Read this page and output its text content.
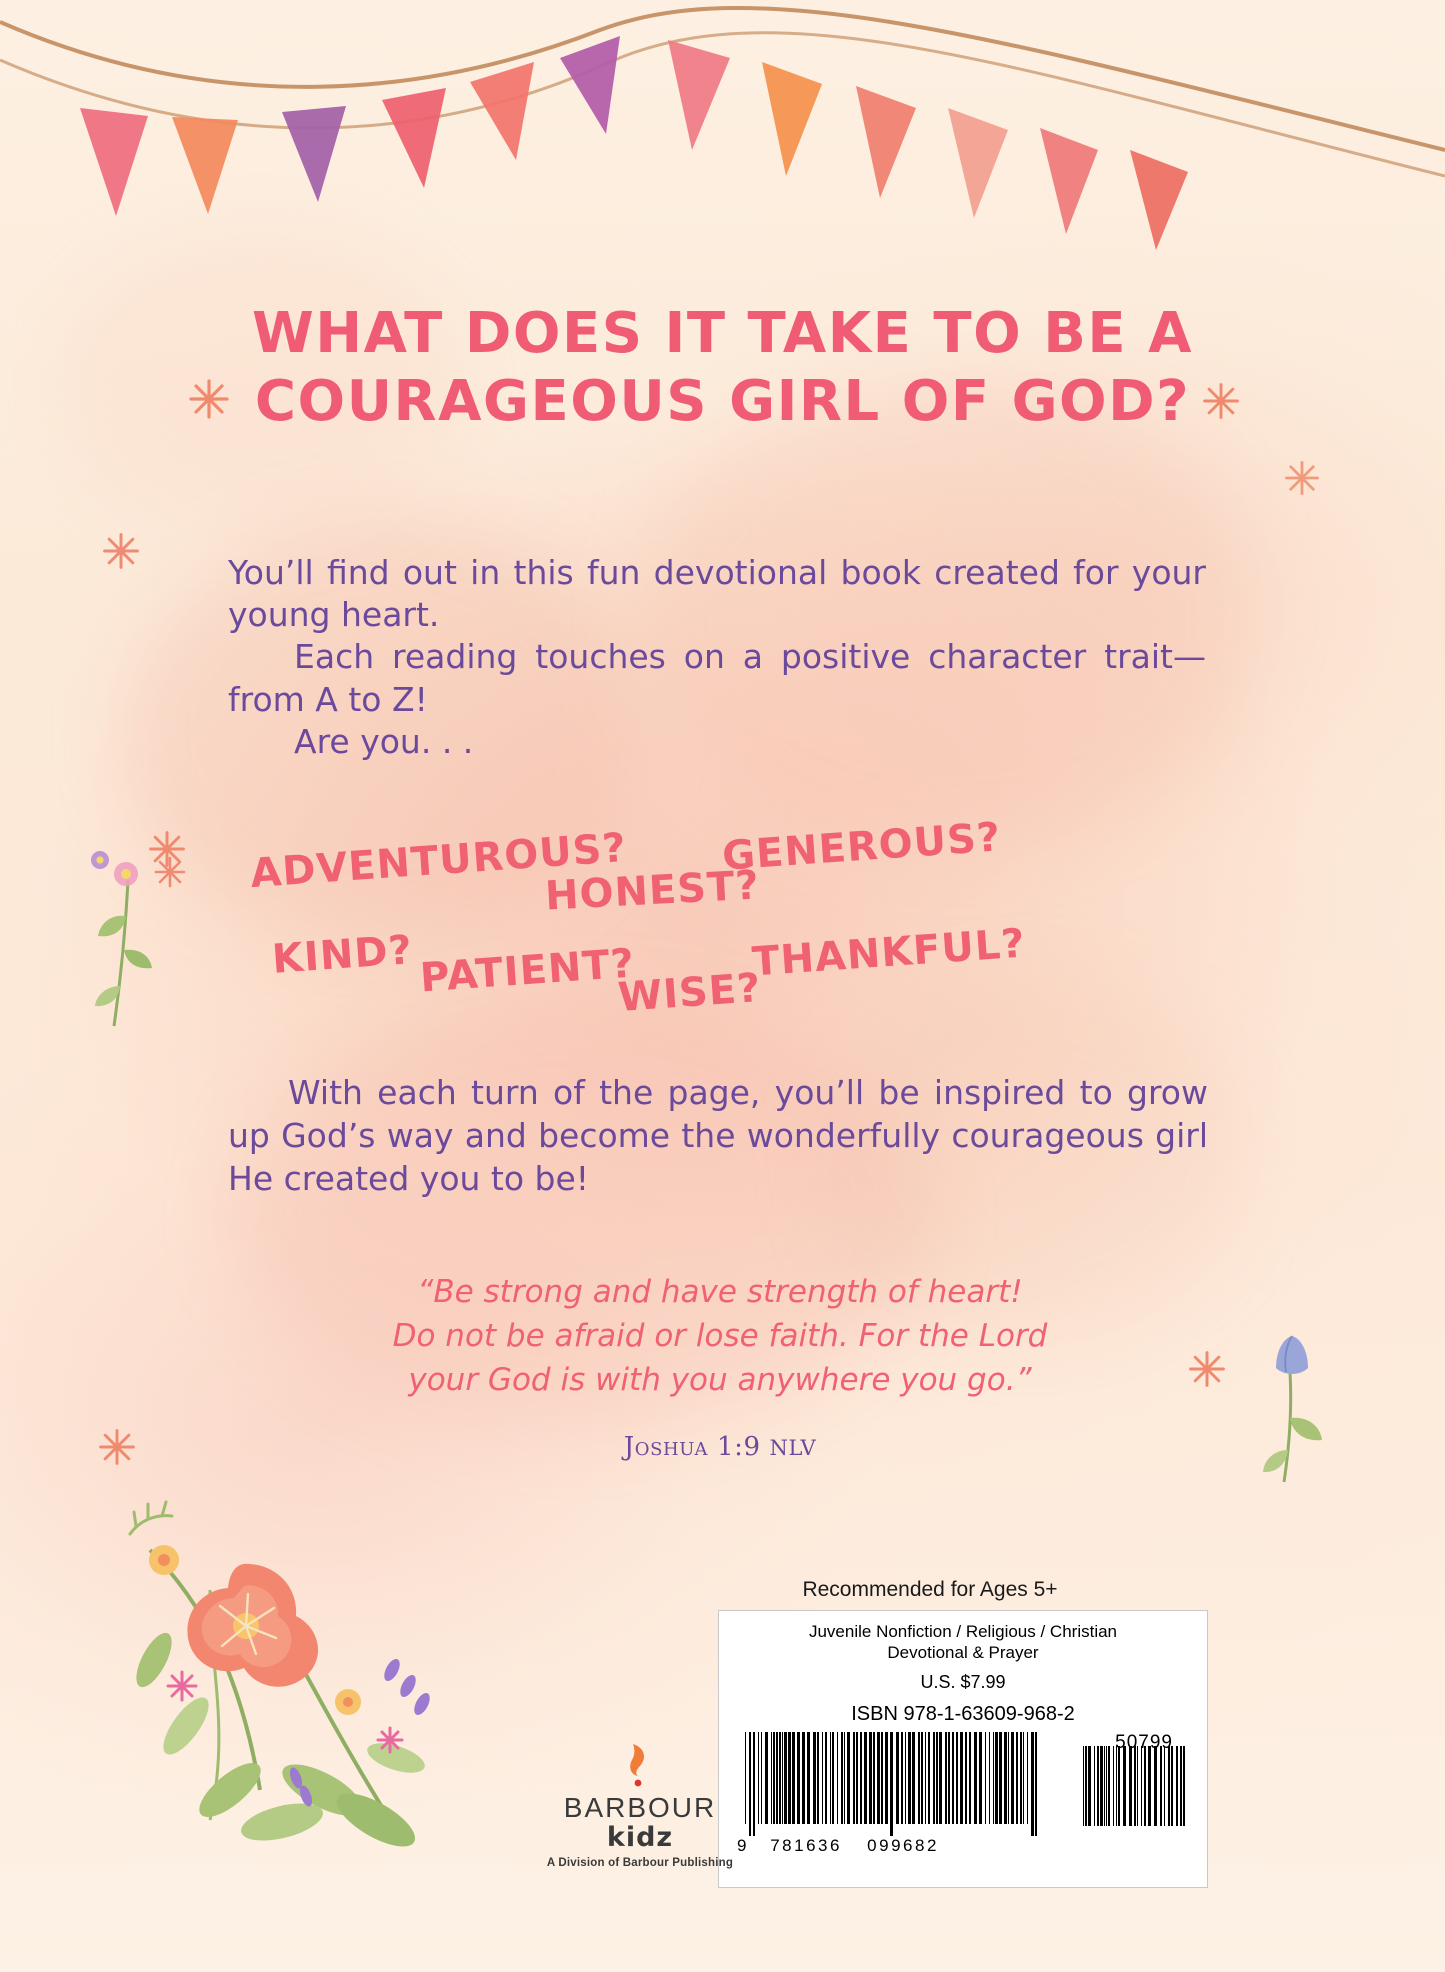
WHAT DOES IT TAKE TO BE A
COURAGEOUS GIRL OF GOD?

You’ll find out in this fun devotional book created for your young heart.

Each reading touches on a positive character trait—from A to Z!

Are you. . .

ADVENTUROUS?
HONEST?
GENEROUS?
KIND? PATIENT?
WISE?
THANKFUL?
With each turn of the page, you’ll be inspired to grow up God’s way and become the wonderfully courageous girl He created you to be!
“Be strong and have strength of heart!
Do not be afraid or lose faith. For the Lord
your God is with you anywhere you go.”
Joshua 1:9 NLV
Recommended for Ages 5+
Juvenile Nonfiction / Religious / Christian
Devotional & Prayer
U.S. $7.99
ISBN 978-1-63609-968-2
50799
9 781636 099682
BARBOUR
kidz
A Division of Barbour Publishing
